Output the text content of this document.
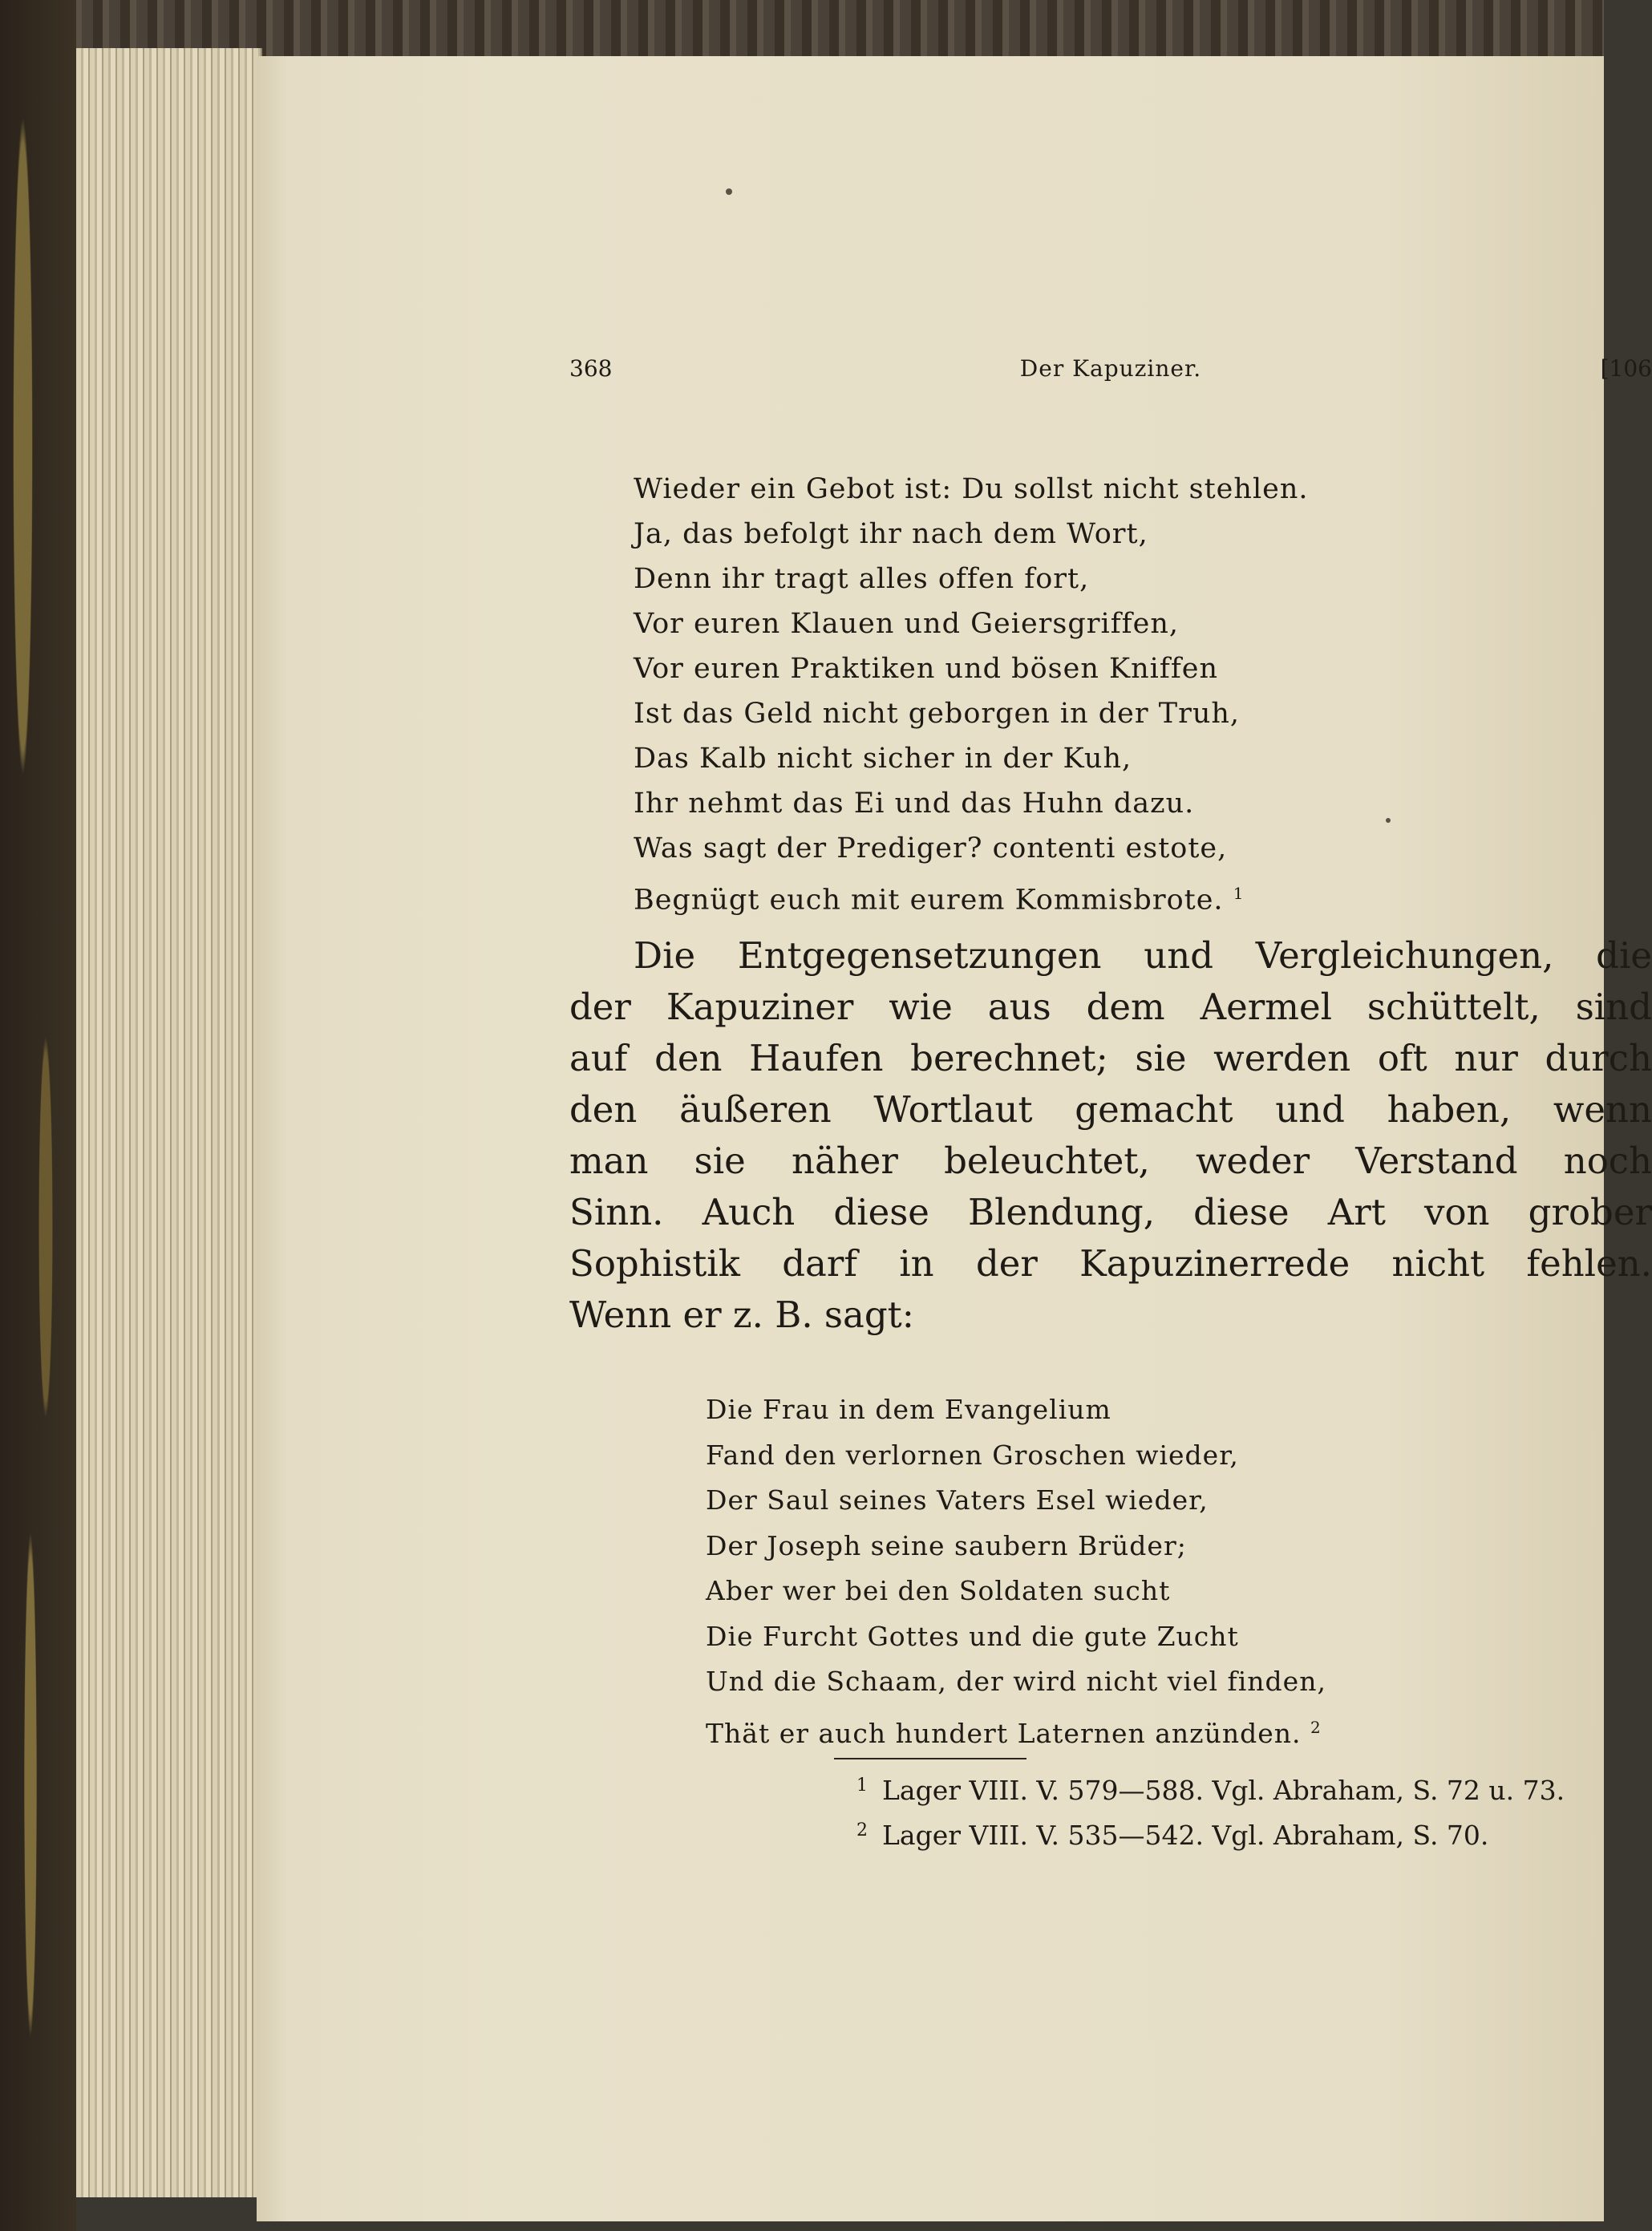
368	Der Kapuziner.	[106
Wieder ein Gebot ist: Du sollst nicht stehlen.
Ja, das befolgt ihr nach dem Wort,
Denn ihr tragt alles offen fort,
Vor euren Klauen und Geiersgriffen,
Vor euren Praktiken und bösen Kniffen
Ist das Geld nicht geborgen in der Truh,
Das Kalb nicht sicher in der Kuh,
Ihr nehmt das Ei und das Huhn dazu.
Was sagt der Prediger? contenti estote,
Begnügt euch mit eurem Kommisbrote. $^1$
Die Entgegensetzungen und Vergleichungen, die
der Kapuziner wie aus dem Aermel schüttelt, sind
auf den Haufen berechnet; sie werden oft nur durch
den äußeren Wortlaut gemacht und haben, wenn
man sie näher beleuchtet, weder Verstand noch
Sinn. Auch diese Blendung, diese Art von grober
Sophistik darf in der Kapuzinerrede nicht fehlen.
Wenn er z. B. sagt:
Die Frau in dem Evangelium
Fand den verlornen Groschen wieder,
Der Saul seines Vaters Esel wieder,
Der Joseph seine saubern Brüder;
Aber wer bei den Soldaten sucht
Die Furcht Gottes und die gute Zucht
Und die Schaam, der wird nicht viel finden,
Thät er auch hundert Laternen anzünden. $^2$
1 Lager VIII. V. 579—588. Vgl. Abraham, S. 72 u. 73.
2 Lager VIII. V. 535—542. Vgl. Abraham, S. 70.
